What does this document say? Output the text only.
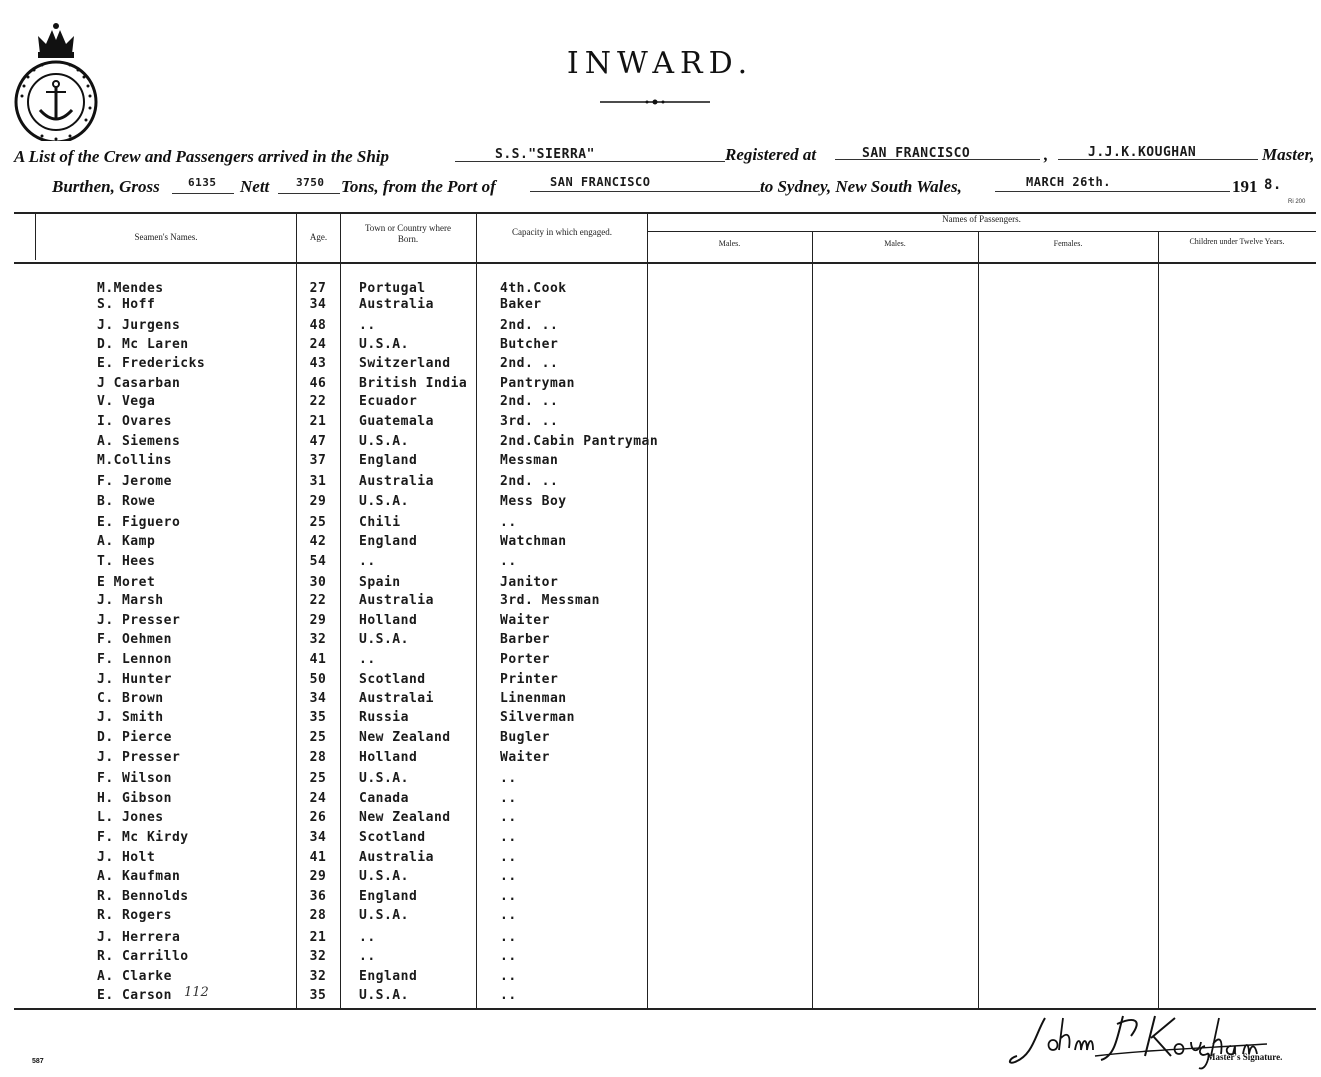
INWARD.
A List of the Crew and Passengers arrived in the Ship	S.S."SIERRA"	Registered at	SAN FRANCISCO	,	J.J.K.KOUGHAN	Master,
Burthen, Gross	6135 Nett 3750 Tons, from the Port of	SAN FRANCISCO	to Sydney, New South Wales,	MARCH 26th.	191 8.
Ri 200
Seamen's Names.	Age.
Town or Country where Born.
Capacity in which engaged.
Names of Passengers.
Males.	Males.	Females.	Children under Twelve Years.
M.Mendes	27	Portugal	4th.Cook
S. Hoff	34	Australia	Baker
J. Jurgens	48	..	2nd. ..
D. Mc Laren	24	U.S.A.	Butcher
E. Fredericks	43	Switzerland	2nd. ..
J Casarban	46	British India	Pantryman
V. Vega	22	Ecuador	2nd. ..
I. Ovares	21	Guatemala	3rd. ..
A. Siemens	47	U.S.A.	2nd.Cabin Pantryman
M.Collins	37	England	Messman
F. Jerome	31	Australia	2nd. ..
B. Rowe	29	U.S.A.	Mess Boy
E. Figuero	25	Chili	..
A. Kamp	42	England	Watchman
T. Hees	54	..	..
E Moret	30	Spain	Janitor
J. Marsh	22	Australia	3rd. Messman
J. Presser	29	Holland	Waiter
F. Oehmen	32	U.S.A.	Barber
F. Lennon	41	..	Porter
J. Hunter	50	Scotland	Printer
C. Brown	34	Australai	Linenman
J. Smith	35	Russia	Silverman
D. Pierce	25	New Zealand	Bugler
J. Presser	28	Holland	Waiter
F. Wilson	25	U.S.A.	..
H. Gibson	24	Canada	..
L. Jones	26	New Zealand	..
F. Mc Kirdy	34	Scotland	..
J. Holt	41	Australia	..
A. Kaufman	29	U.S.A.	..
R. Bennolds	36	England	..
R. Rogers	28	U.S.A.	..
J. Herrera	21	..	..
R. Carrillo	32	..	..
A. Clarke	32	England	..
E. Carson	35	U.S.A.	..
112
587	Master's Signature.
